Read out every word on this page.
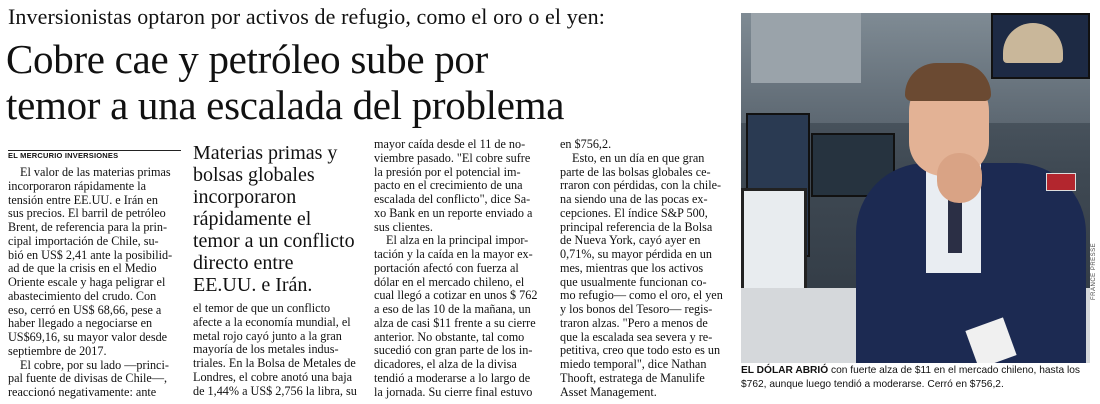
Inversionistas optaron por activos de refugio, como el oro o el yen:
Cobre cae y petróleo sube por
temor a una escalada del problema
EL MERCURIO INVERSIONES
El valor de las materias primas
incorporaron rápidamente la
tensión entre EE.UU. e Irán en
sus precios. El barril de petróleo
Brent, de referencia para la prin-
cipal importación de Chile, su-
bió en US$ 2,41 ante la posibilid-
ad de que la crisis en el Medio
Oriente escale y haga peligrar el
abastecimiento del crudo. Con
eso, cerró en US$ 68,66, pese a
haber llegado a negociarse en
US$69,16, su mayor valor desde
septiembre de 2017.
El cobre, por su lado —princi-
pal fuente de divisas de Chile—,
reaccionó negativamente: ante
Materias primas y
bolsas globales
incorporaron
rápidamente el
temor a un conflicto
directo entre
EE.UU. e Irán.
el temor de que un conflicto
afecte a la economía mundial, el
metal rojo cayó junto a la gran
mayoría de los metales indus-
triales. En la Bolsa de Metales de
Londres, el cobre anotó una baja
de 1,44% a US$ 2,756 la libra, su
mayor caída desde el 11 de no-
viembre pasado. "El cobre sufre
la presión por el potencial im-
pacto en el crecimiento de una
escalada del conflicto", dice Sa-
xo Bank en un reporte enviado a
sus clientes.
El alza en la principal impor-
tación y la caída en la mayor ex-
portación afectó con fuerza al
dólar en el mercado chileno, el
cual llegó a cotizar en unos $ 762
a eso de las 10 de la mañana, un
alza de casi $11 frente a su cierre
anterior. No obstante, tal como
sucedió con gran parte de los in-
dicadores, el alza de la divisa
tendió a moderarse a lo largo de
la jornada. Su cierre final estuvo
en $756,2.
Esto, en un día en que gran
parte de las bolsas globales ce-
rraron con pérdidas, con la chile-
na siendo una de las pocas ex-
cepciones. El índice S&P 500,
principal referencia de la Bolsa
de Nueva York, cayó ayer en
0,71%, su mayor pérdida en un
mes, mientras que los activos
que usualmente funcionan co-
mo refugio— como el oro, el yen
y los bonos del Tesoro— regis-
traron alzas. "Pero a menos de
que la escalada sea severa y re-
petitiva, creo que todo esto es un
miedo temporal", dice Nathan
Thooft, estratega de Manulife
Asset Management.
FRANCE PRESSE
EL DÓLAR ABRIÓ con fuerte alza de $11 en el mercado chileno, hasta los $762, aunque luego tendió a moderarse. Cerró en $756,2.
